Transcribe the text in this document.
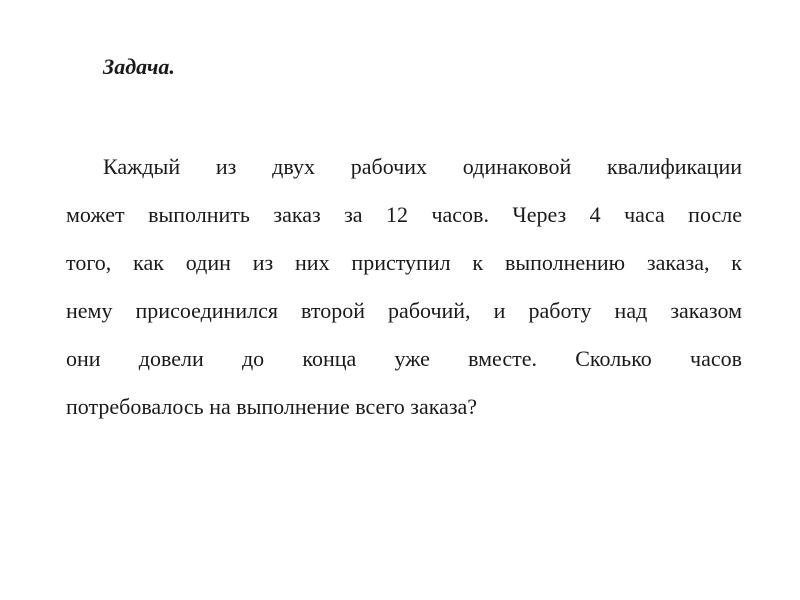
Задача.
Каждый из двух рабочих одинаковой квалификации
может выполнить заказ за 12 часов. Через 4 часа после
того, как один из них приступил к выполнению заказа, к
нему присоединился второй рабочий, и работу над заказом
они довели до конца уже вместе. Сколько часов
потребовалось на выполнение всего заказа?
